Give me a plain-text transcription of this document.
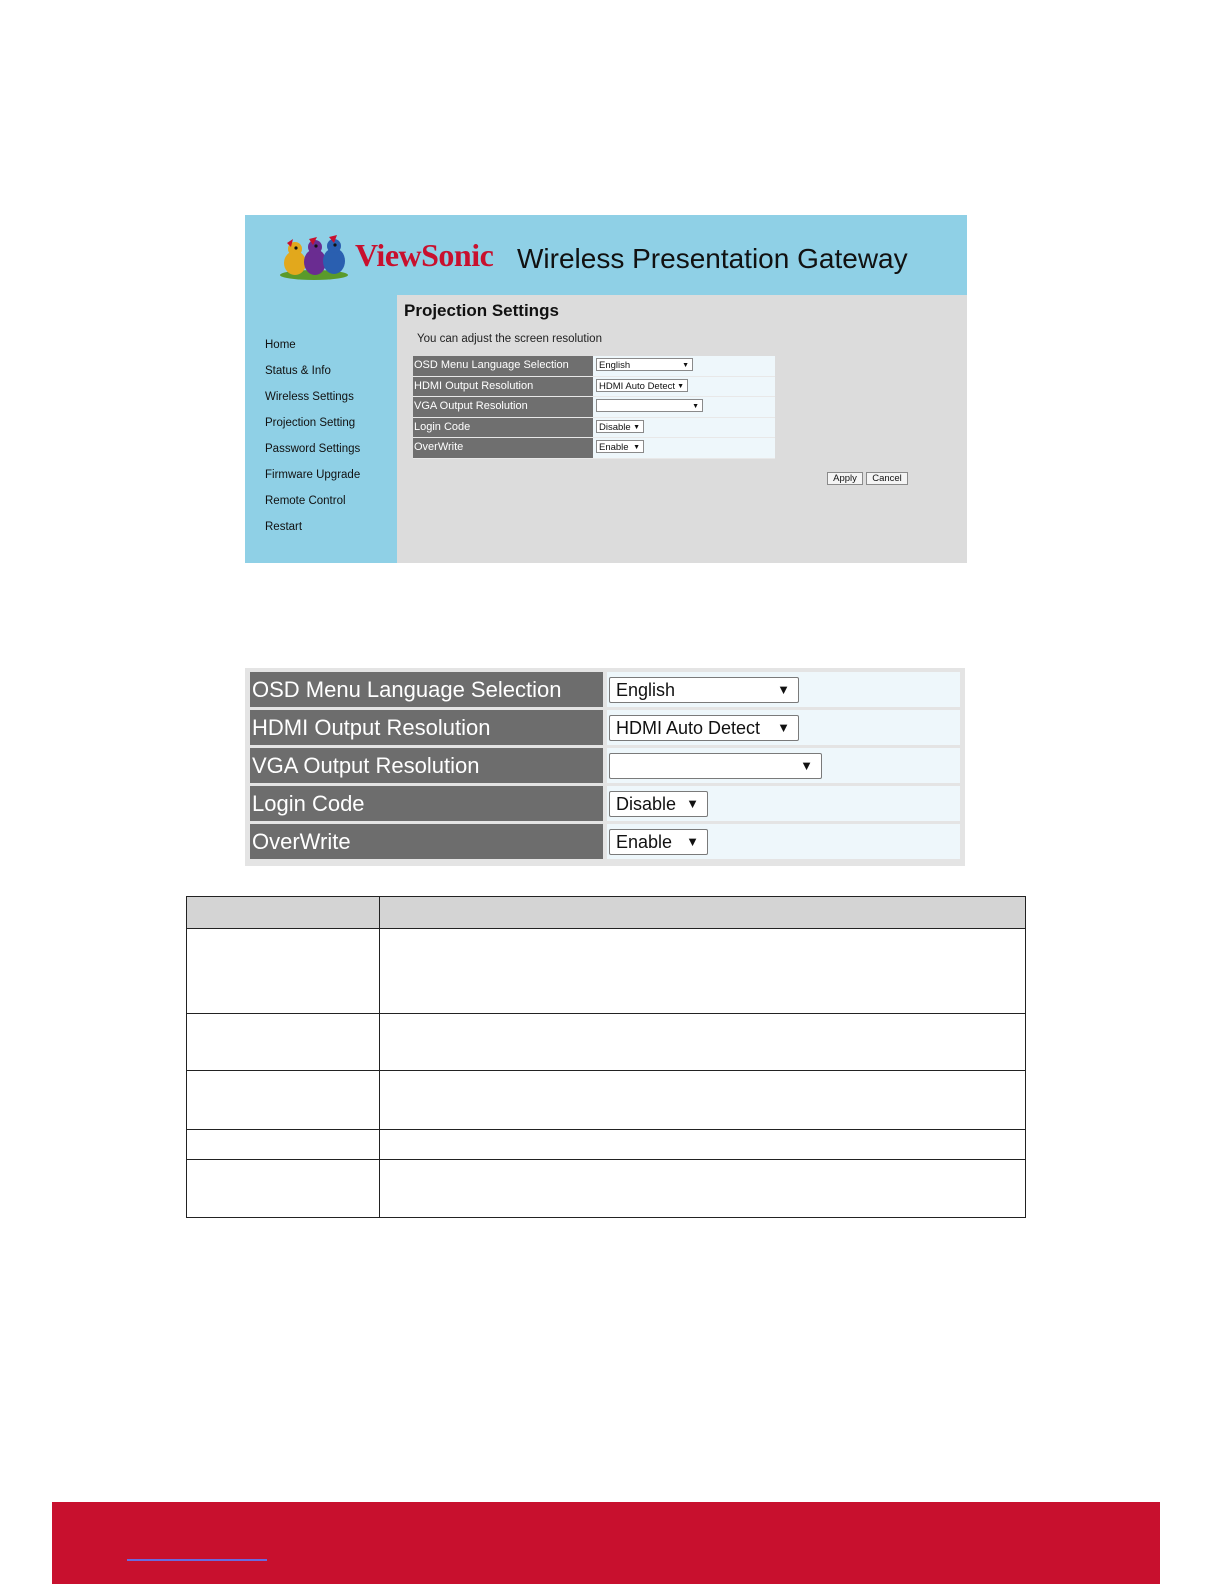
ViewSonic Wireless Presentation Gateway
Home
Status & Info
Wireless Settings
Projection Setting
Password Settings
Firmware Upgrade
Remote Control
Restart
Projection Settings
You can adjust the screen resolution
OSD Menu Language Selection	English	▼
HDMI Output Resolution	HDMI Auto Detect ▼
VGA Output Resolution	▼
Login Code	Disable ▼
OverWrite	Enable ▼
Apply	Cancel
OSD Menu Language Selection	English	▼
HDMI Output Resolution	HDMI Auto Detect ▼
VGA Output Resolution	▼
Login Code	Disable ▼
OverWrite	Enable ▼
